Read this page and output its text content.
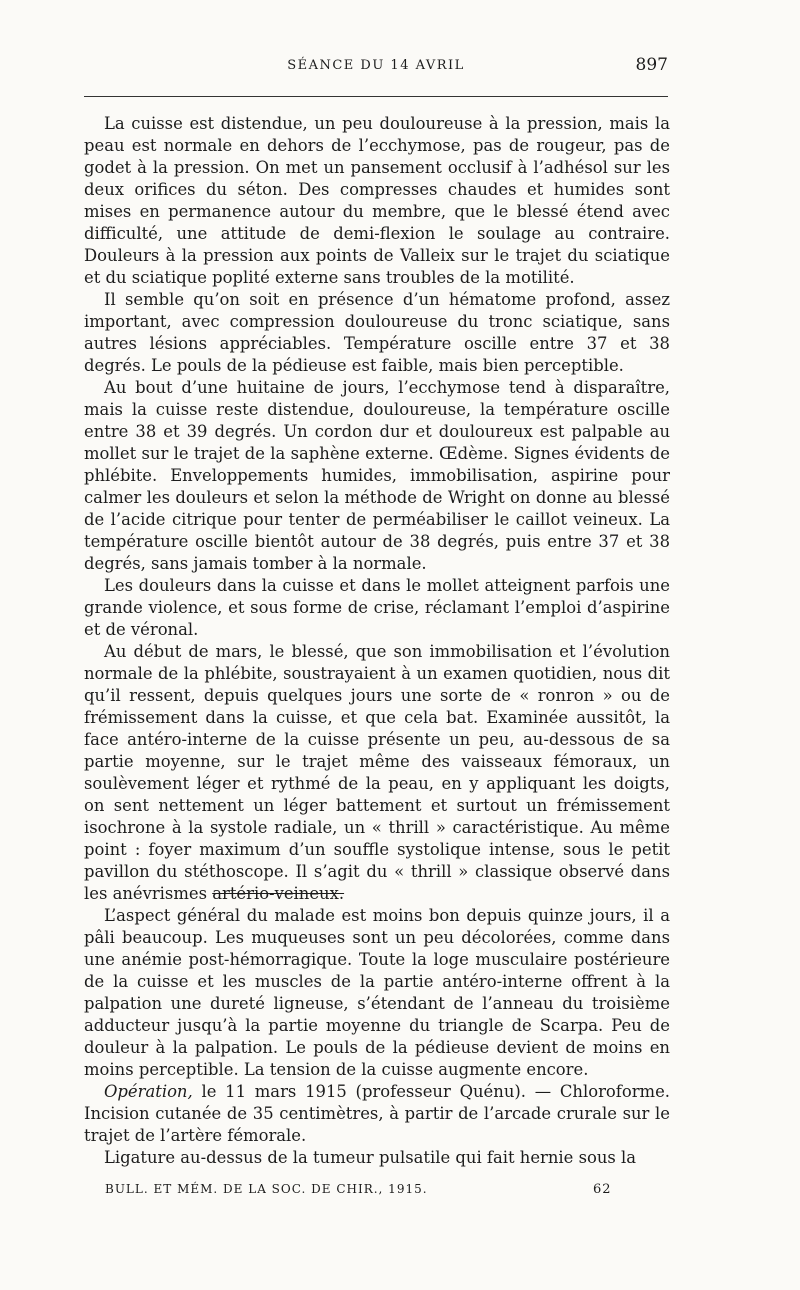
SÉANCE DU 14 AVRIL	897

La cuisse est distendue, un peu douloureuse à la pression, mais la peau est normale en dehors de l’ecchymose, pas de rougeur, pas de godet à la pression. On met un pansement occlusif à l’adhésol sur les deux orifices du séton. Des compresses chaudes et humides sont mises en permanence autour du membre, que le blessé étend avec difficulté, une attitude de demi-flexion le soulage au contraire. Douleurs à la pression aux points de Valleix sur le trajet du sciatique et du sciatique poplité externe sans troubles de la motilité.

Il semble qu’on soit en présence d’un hématome profond, assez important, avec compression douloureuse du tronc sciatique, sans autres lésions appréciables. Température oscille entre 37 et 38 degrés. Le pouls de la pédieuse est faible, mais bien perceptible.

Au bout d’une huitaine de jours, l’ecchymose tend à disparaître, mais la cuisse reste distendue, douloureuse, la température oscille entre 38 et 39 degrés. Un cordon dur et douloureux est palpable au mollet sur le trajet de la saphène externe. Œdème. Signes évidents de phlébite. Enveloppements humides, immobilisation, aspirine pour calmer les douleurs et selon la méthode de Wright on donne au blessé de l’acide citrique pour tenter de perméabiliser le caillot veineux. La température oscille bientôt autour de 38 degrés, puis entre 37 et 38 degrés, sans jamais tomber à la normale.

Les douleurs dans la cuisse et dans le mollet atteignent parfois une grande violence, et sous forme de crise, réclamant l’emploi d’aspirine et de véronal.

Au début de mars, le blessé, que son immobilisation et l’évolution normale de la phlébite, soustrayaient à un examen quotidien, nous dit qu’il ressent, depuis quelques jours une sorte de « ronron » ou de frémissement dans la cuisse, et que cela bat. Examinée aussitôt, la face antéro-interne de la cuisse présente un peu, au-dessous de sa partie moyenne, sur le trajet même des vaisseaux fémoraux, un soulèvement léger et rythmé de la peau, en y appliquant les doigts, on sent nettement un léger battement et surtout un frémissement isochrone à la systole radiale, un « thrill » caractéristique. Au même point : foyer maximum d’un souffle systolique intense, sous le petit pavillon du stéthoscope. Il s’agit du « thrill » classique observé dans les anévrismes artério-veineux.

L’aspect général du malade est moins bon depuis quinze jours, il a pâli beaucoup. Les muqueuses sont un peu décolorées, comme dans une anémie post-hémorragique. Toute la loge musculaire postérieure de la cuisse et les muscles de la partie antéro-interne offrent à la palpation une dureté ligneuse, s’étendant de l’anneau du troisième adducteur jusqu’à la partie moyenne du triangle de Scarpa. Peu de douleur à la palpation. Le pouls de la pédieuse devient de moins en moins perceptible. La tension de la cuisse augmente encore.

Opération, le 11 mars 1915 (professeur Quénu). — Chloroforme. Incision cutanée de 35 centimètres, à partir de l’arcade crurale sur le trajet de l’artère fémorale.

Ligature au-dessus de la tumeur pulsatile qui fait hernie sous la

BULL. ET MÉM. DE LA SOC. DE CHIR., 1915.	62
